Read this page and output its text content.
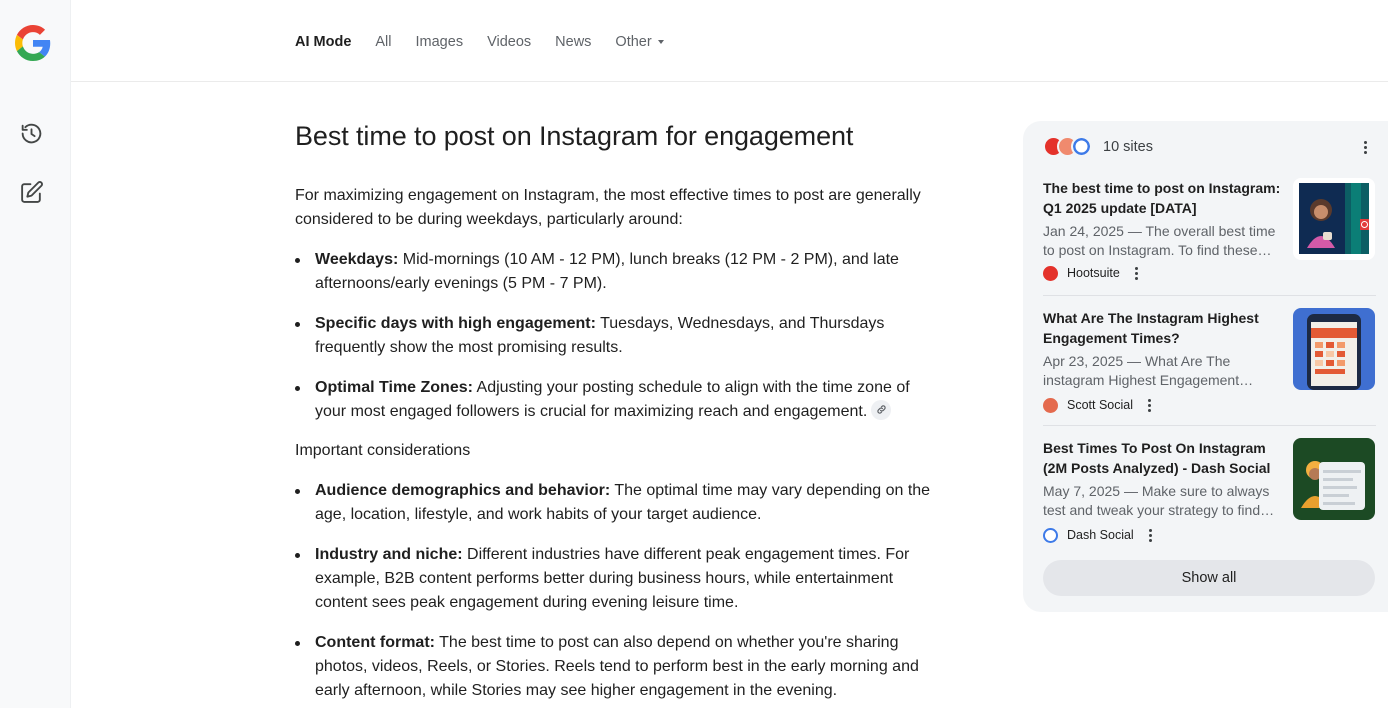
AI Mode All Images Videos News Other
Best time to post on Instagram for engagement

For maximizing engagement on Instagram, the most effective times to post are generally considered to be during weekdays, particularly around:

Weekdays: Mid-mornings (10 AM - 12 PM), lunch breaks (12 PM - 2 PM), and late afternoons/early evenings (5 PM - 7 PM).
Specific days with high engagement: Tuesdays, Wednesdays, and Thursdays frequently show the most promising results.
Optimal Time Zones: Adjusting your posting schedule to align with the time zone of your most engaged followers is crucial for maximizing reach and engagement.

Important considerations

Audience demographics and behavior: The optimal time may vary depending on the age, location, lifestyle, and work habits of your target audience.
Industry and niche: Different industries have different peak engagement times. For example, B2B content performs better during business hours, while entertainment content sees peak engagement during evening leisure time.
Content format: The best time to post can also depend on whether you're sharing photos, videos, Reels, or Stories. Reels tend to perform best in the early morning and early afternoon, while Stories may see higher engagement in the evening.
10 sites
The best time to post on Instagram: Q1 2025 update [DATA]
Jan 24, 2025 — The overall best time to post on Instagram. To find these…
Hootsuite
What Are The Instagram Highest Engagement Times?
Apr 23, 2025 — What Are The instagram Highest Engagement…
Scott Social
Best Times To Post On Instagram (2M Posts Analyzed) - Dash Social
May 7, 2025 — Make sure to always test and tweak your strategy to find…
Dash Social
Show all
